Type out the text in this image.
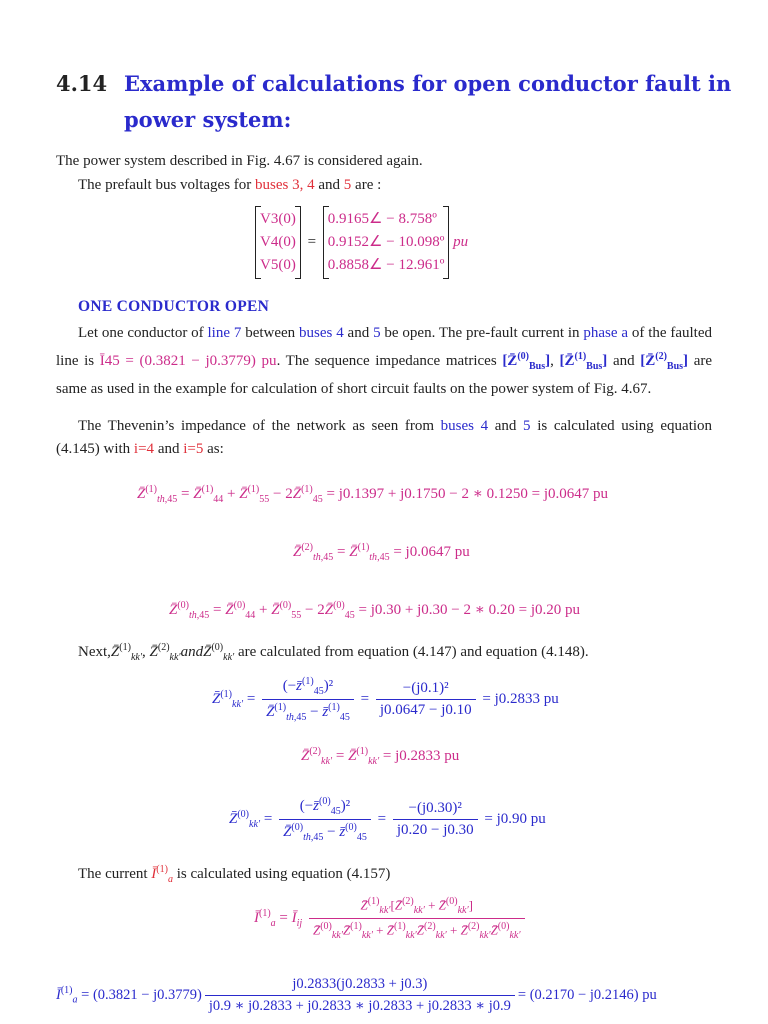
4.14 Example of calculations for open conductor fault in
power system:

The power system described in Fig. 4.67 is considered again.

The prefault bus voltages for buses 3, 4 and 5 are :

V3(0)
V4(0)
V5(0)
=
0.9165∠ − 8.758º
0.9152∠ − 10.098º
0.8858∠ − 12.961º
pu
ONE CONDUCTOR OPEN

Let one conductor of line 7 between buses 4 and 5 be open. The pre-fault current in phase a of the faulted line is Ī45 = (0.3821 − j0.3779) pu. The sequence impedance matrices [Z̄$^{(0)}_{Bus}$], [Z̄$^{(1)}_{Bus}$] and [Z̄$^{(2)}_{Bus}$] are same as used in the example for calculation of short circuit faults on the power system of Fig. 4.67.

The Thevenin’s impedance of the network as seen from buses 4 and 5 is calculated using equation (4.145) with i=4 and i=5 as:

Z̄$^{(1)}_{th,45}$ = Z̄$^{(1)}_{44}$ + Z̄$^{(1)}_{55}$ − 2Z̄$^{(1)}_{45}$ = j0.1397 + j0.1750 − 2 ∗ 0.1250 = j0.0647 pu
Z̄$^{(2)}_{th,45}$ = Z̄$^{(1)}_{th,45}$ = j0.0647 pu
Z̄$^{(0)}_{th,45}$ = Z̄$^{(0)}_{44}$ + Z̄$^{(0)}_{55}$ − 2Z̄$^{(0)}_{45}$ = j0.30 + j0.30 − 2 ∗ 0.20 = j0.20 pu

Next,Z̄$^{(1)}_{kk'}$, Z̄$^{(2)}_{kk'}$andZ̄$^{(0)}_{kk'}$ are calculated from equation (4.147) and equation (4.148).

Z̄$^{(1)}_{kk'}$ = $\frac{(-z̄^{(1)}_{45})^2}{Z̄^{(1)}_{th,45} - z̄^{(1)}_{45}} = \frac{\text{−(j0.1)²}}{j0.0647 - j0.10} = j0.2833$ pu
Z̄$^{(2)}_{kk'}$ = Z̄$^{(1)}_{kk'}$ = j0.2833 pu
Z̄$^{(0)}_{kk'}$ = $\frac{(-z̄^{(0)}_{45})^2}{Z̄^{(0)}_{th,45} - z̄^{(0)}_{45}} = \frac{\text{−(j0.30)²}}{j0.20 - j0.30} = j0.90$ pu

The current $Ī^{(1)}_a$ is calculated using equation (4.157)

$Ī^{(1)}_a$ = $Ī_{ij} \frac{Z̄^{(1)}_{kk'}[Z̄^{(2)}_{kk'} + Z̄^{(0)}_{kk'}]}{Z̄^{(0)}_{kk'}Z̄^{(1)}_{kk'} + Z̄^{(1)}_{kk'}Z̄^{(2)}_{kk'} + Z̄^{(2)}_{kk'}Z̄^{(0)}_{kk'}}$
$Ī^{(1)}_a = (0.3821 - j0.3779) \frac{j0.2833(j0.2833 + j0.3)}{j0.9 ∗ j0.2833 + j0.2833 ∗ j0.2833 + j0.2833 ∗ j0.9} = (0.2170 - j0.2146)$ pu
